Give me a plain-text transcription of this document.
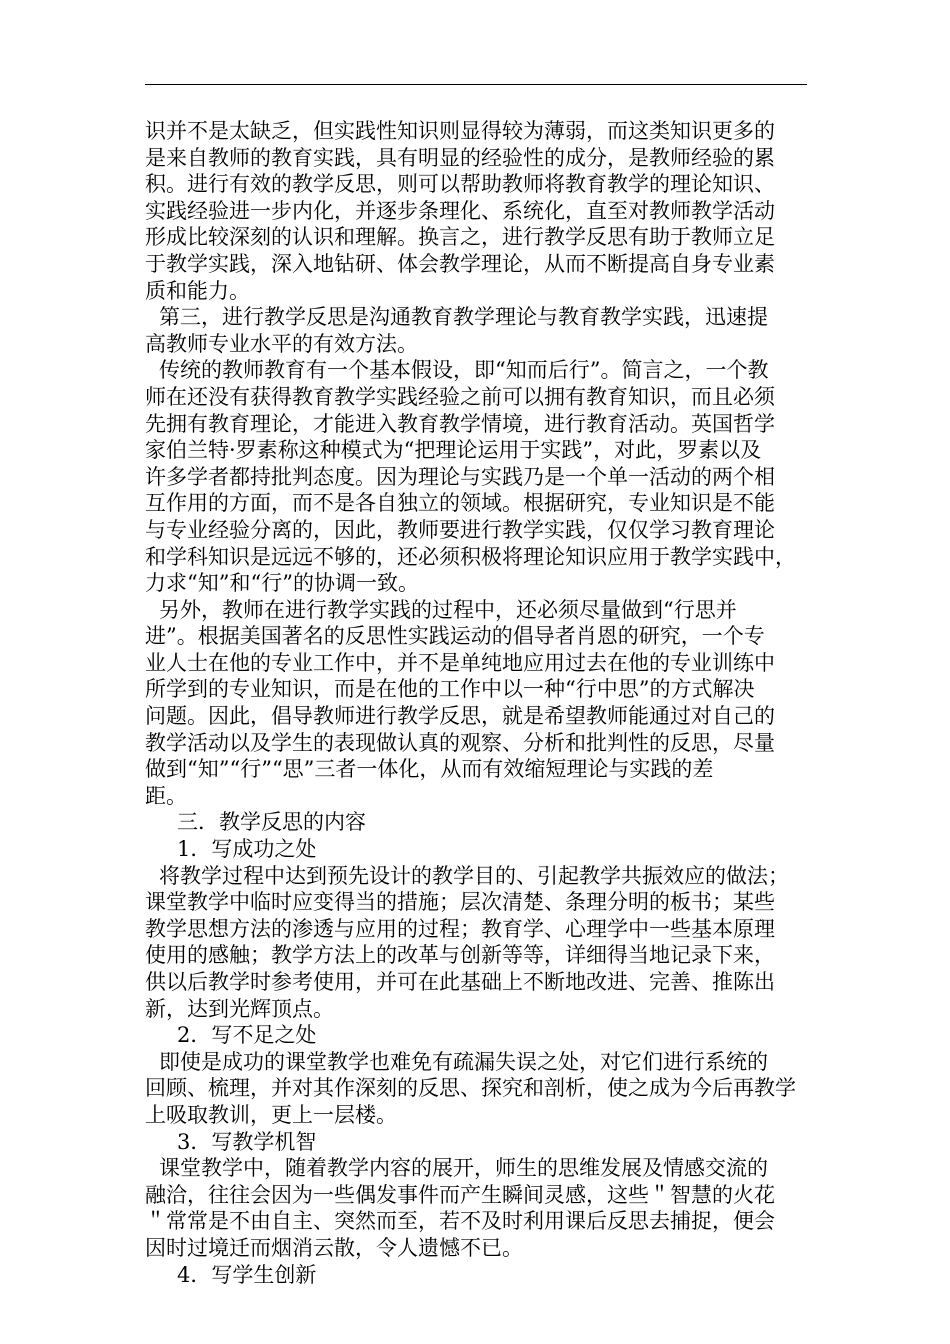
识并不是太缺乏，但实践性知识则显得较为薄弱，而这类知识更多的
是来自教师的教育实践，具有明显的经验性的成分，是教师经验的累
积。进行有效的教学反思，则可以帮助教师将教育教学的理论知识、
实践经验进一步内化，并逐步条理化、系统化，直至对教师教学活动
形成比较深刻的认识和理解。换言之，进行教学反思有助于教师立足
于教学实践，深入地钻研、体会教学理论，从而不断提高自身专业素
质和能力。
第三，进行教学反思是沟通教育教学理论与教育教学实践，迅速提
高教师专业水平的有效方法。
传统的教师教育有一个基本假设，即“知而后行”。简言之，一个教
师在还没有获得教育教学实践经验之前可以拥有教育知识，而且必须
先拥有教育理论，才能进入教育教学情境，进行教育活动。英国哲学
家伯兰特·罗素称这种模式为“把理论运用于实践”，对此，罗素以及
许多学者都持批判态度。因为理论与实践乃是一个单一活动的两个相
互作用的方面，而不是各自独立的领域。根据研究，专业知识是不能
与专业经验分离的，因此，教师要进行教学实践，仅仅学习教育理论
和学科知识是远远不够的，还必须积极将理论知识应用于教学实践中，
力求“知”和“行”的协调一致。
另外，教师在进行教学实践的过程中，还必须尽量做到“行思并
进”。根据美国著名的反思性实践运动的倡导者肖恩的研究，一个专
业人士在他的专业工作中，并不是单纯地应用过去在他的专业训练中
所学到的专业知识，而是在他的工作中以一种“行中思”的方式解决
问题。因此，倡导教师进行教学反思，就是希望教师能通过对自己的
教学活动以及学生的表现做认真的观察、分析和批判性的反思，尽量
做到“知”“行”“思”三者一体化，从而有效缩短理论与实践的差
距。
三．教学反思的内容
1．写成功之处
将教学过程中达到预先设计的教学目的、引起教学共振效应的做法；
课堂教学中临时应变得当的措施；层次清楚、条理分明的板书；某些
教学思想方法的渗透与应用的过程；教育学、心理学中一些基本原理
使用的感触；教学方法上的改革与创新等等，详细得当地记录下来，
供以后教学时参考使用，并可在此基础上不断地改进、完善、推陈出
新，达到光辉顶点。
2．写不足之处
即使是成功的课堂教学也难免有疏漏失误之处，对它们进行系统的
回顾、梳理，并对其作深刻的反思、探究和剖析，使之成为今后再教学
上吸取教训，更上一层楼。
3．写教学机智
课堂教学中，随着教学内容的展开，师生的思维发展及情感交流的
融洽，往往会因为一些偶发事件而产生瞬间灵感，这些＂智慧的火花
＂常常是不由自主、突然而至，若不及时利用课后反思去捕捉，便会
因时过境迁而烟消云散，令人遗憾不已。
4．写学生创新
